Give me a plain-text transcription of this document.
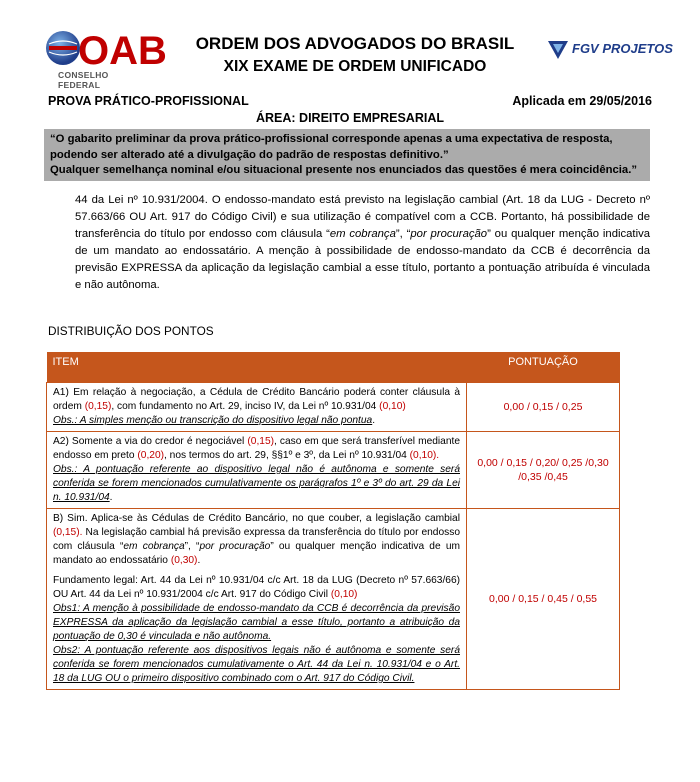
OAB
CONSELHO FEDERAL
ORDEM DOS ADVOGADOS DO BRASIL
XIX EXAME DE ORDEM UNIFICADO
FGV PROJETOS
PROVA PRÁTICO-PROFISSIONAL	Aplicada em 29/05/2016
ÁREA: DIREITO EMPRESARIAL
“O gabarito preliminar da prova prático-profissional corresponde apenas a uma expectativa de resposta, podendo ser alterado até a divulgação do padrão de respostas definitivo.”
Qualquer semelhança nominal e/ou situacional presente nos enunciados das questões é mera coincidência.”
44 da Lei nº 10.931/2004. O endosso-mandato está previsto na legislação cambial (Art. 18 da LUG - Decreto nº 57.663/66 OU Art. 917 do Código Civil) e sua utilização é compatível com a CCB. Portanto, há possibilidade de transferência do título por endosso com cláusula “em cobrança”, “por procuração” ou qualquer menção indicativa de um mandato ao endossatário. A menção à possibilidade de endosso-mandato da CCB é decorrência da previsão EXPRESSA da aplicação da legislação cambial a esse título, portanto a pontuação atribuída é vinculada e não autônoma.
DISTRIBUIÇÃO DOS PONTOS
ITEM	PONTUAÇÃO
A1) Em relação à negociação, a Cédula de Crédito Bancário poderá conter cláusula à ordem (0,15), com fundamento no Art. 29, inciso IV, da Lei nº 10.931/04 (0,10)
Obs.: A simples menção ou transcrição do dispositivo legal não pontua.	0,00 / 0,15 / 0,25
A2) Somente a via do credor é negociável (0,15), caso em que será transferível mediante endosso em preto (0,20), nos termos do art. 29, §§1º e 3º, da Lei nº 10.931/04 (0,10).
Obs.: A pontuação referente ao dispositivo legal não é autônoma e somente será conferida se forem mencionados cumulativamente os parágrafos 1º e 3º do art. 29 da Lei n. 10.931/04.	0,00 / 0,15 / 0,20/ 0,25 /0,30 /0,35 /0,45
B) Sim. Aplica-se às Cédulas de Crédito Bancário, no que couber, a legislação cambial (0,15). Na legislação cambial há previsão expressa da transferência do título por endosso com cláusula “em cobrança”, “por procuração” ou qualquer menção indicativa de um mandato ao endossatário (0,30).
Fundamento legal: Art. 44 da Lei nº 10.931/04 c/c Art. 18 da LUG (Decreto nº 57.663/66) OU Art. 44 da Lei nº 10.931/2004 c/c Art. 917 do Código Civil (0,10)
Obs1: A menção à possibilidade de endosso-mandato da CCB é decorrência da previsão EXPRESSA da aplicação da legislação cambial a esse título, portanto a atribuição da pontuação de 0,30 é vinculada e não autônoma.
Obs2: A pontuação referente aos dispositivos legais não é autônoma e somente será conferida se forem mencionados cumulativamente o Art. 44 da Lei n. 10.931/04 e o Art. 18 da LUG OU o primeiro dispositivo combinado com o Art. 917 do Código Civil.	0,00 / 0,15 / 0,45 / 0,55
